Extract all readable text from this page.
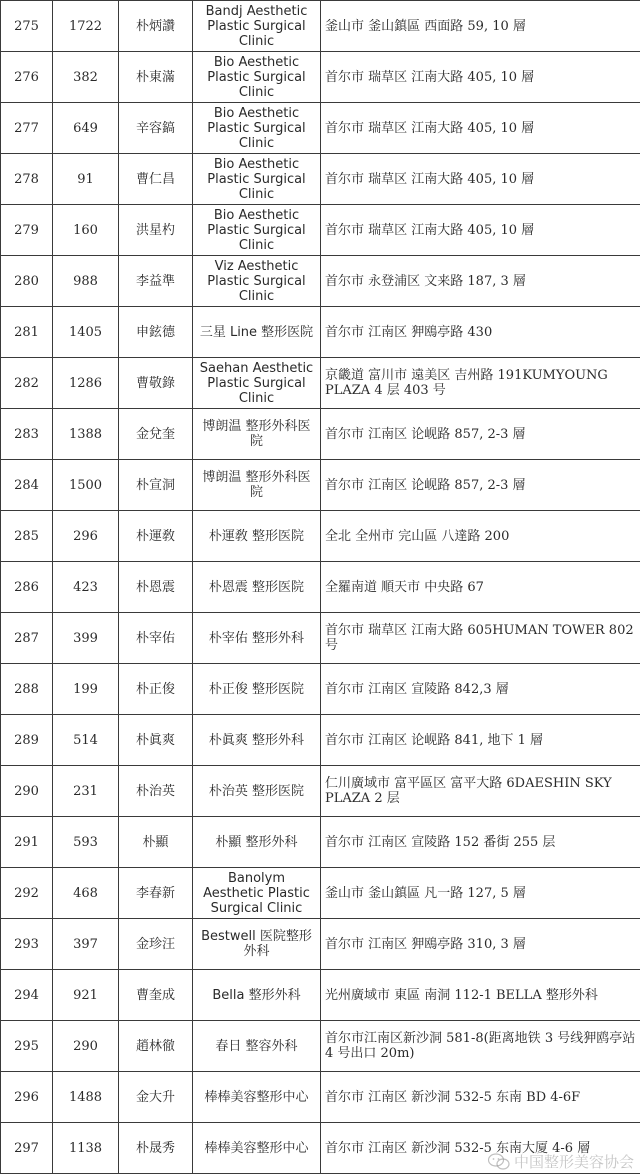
275	1722	朴炳讚	Bandj Aesthetic Plastic Surgical Clinic	釜山市 釜山鎮區 西面路 59, 10 層
276	382	朴東滿	Bio Aesthetic Plastic Surgical Clinic	首尔市 瑞草区 江南大路 405, 10 層
277	649	辛容鎬	Bio Aesthetic Plastic Surgical Clinic	首尔市 瑞草区 江南大路 405, 10 層
278	91	曹仁昌	Bio Aesthetic Plastic Surgical Clinic	首尔市 瑞草区 江南大路 405, 10 層
279	160	洪星杓	Bio Aesthetic Plastic Surgical Clinic	首尔市 瑞草区 江南大路 405, 10 層
280	988	李益準	Viz Aesthetic Plastic Surgical Clinic	首尔市 永登浦区 文来路 187, 3 層
281	1405	申鉉德	三星 Line 整形医院	首尔市 江南区 狎鴎亭路 430
282	1286	曹敬錄	Saehan Aesthetic Plastic Surgical Clinic	京畿道 富川市 遠美区 吉州路 191KUMYOUNG PLAZA 4 层 403 号
283	1388	金兌奎	博朗温 整形外科医院	首尔市 江南区 论岘路 857, 2-3 層
284	1500	朴宣洞	博朗温 整形外科医院	首尔市 江南区 论岘路 857, 2-3 層
285	296	朴運敎	朴運敎 整形医院	全北 全州市 完山區 八達路 200
286	423	朴恩震	朴恩震 整形医院	全羅南道 順天市 中央路 67
287	399	朴宰佑	朴宰佑 整形外科	首尔市 瑞草区 江南大路 605HUMAN TOWER 802 号
288	199	朴正俊	朴正俊 整形医院	首尔市 江南区 宣陵路 842,3 層
289	514	朴眞爽	朴眞爽 整形外科	首尔市 江南区 论岘路 841, 地下 1 層
290	231	朴治英	朴治英 整形医院	仁川廣域市 富平區区 富平大路 6DAESHIN SKY PLAZA 2 层
291	593	朴顯	朴顯 整形外科	首尔市 江南区 宣陵路 152 番街 255 层
292	468	李春新	Banolym Aesthetic Plastic Surgical Clinic	釜山市 釜山鎮區 凡一路 127, 5 層
293	397	金珍汪	Bestwell 医院整形外科	首尔市 江南区 狎鴎亭路 310, 3 層
294	921	曹奎成	Bella 整形外科	光州廣域市 東區 南洞 112-1 BELLA 整形外科
295	290	趙林徹	春日 整容外科	首尔市江南区新沙洞 581-8(距离地铁 3 号线狎鸥亭站 4 号出口 20m)
296	1488	金大升	棒棒美容整形中心	首尔市 江南区 新沙洞 532-5 东南 BD 4-6F
297	1138	朴晟秀	棒棒美容整形中心	首尔市 江南区 新沙洞 532-5 东南大厦 4-6 層
中国整形美容协会
